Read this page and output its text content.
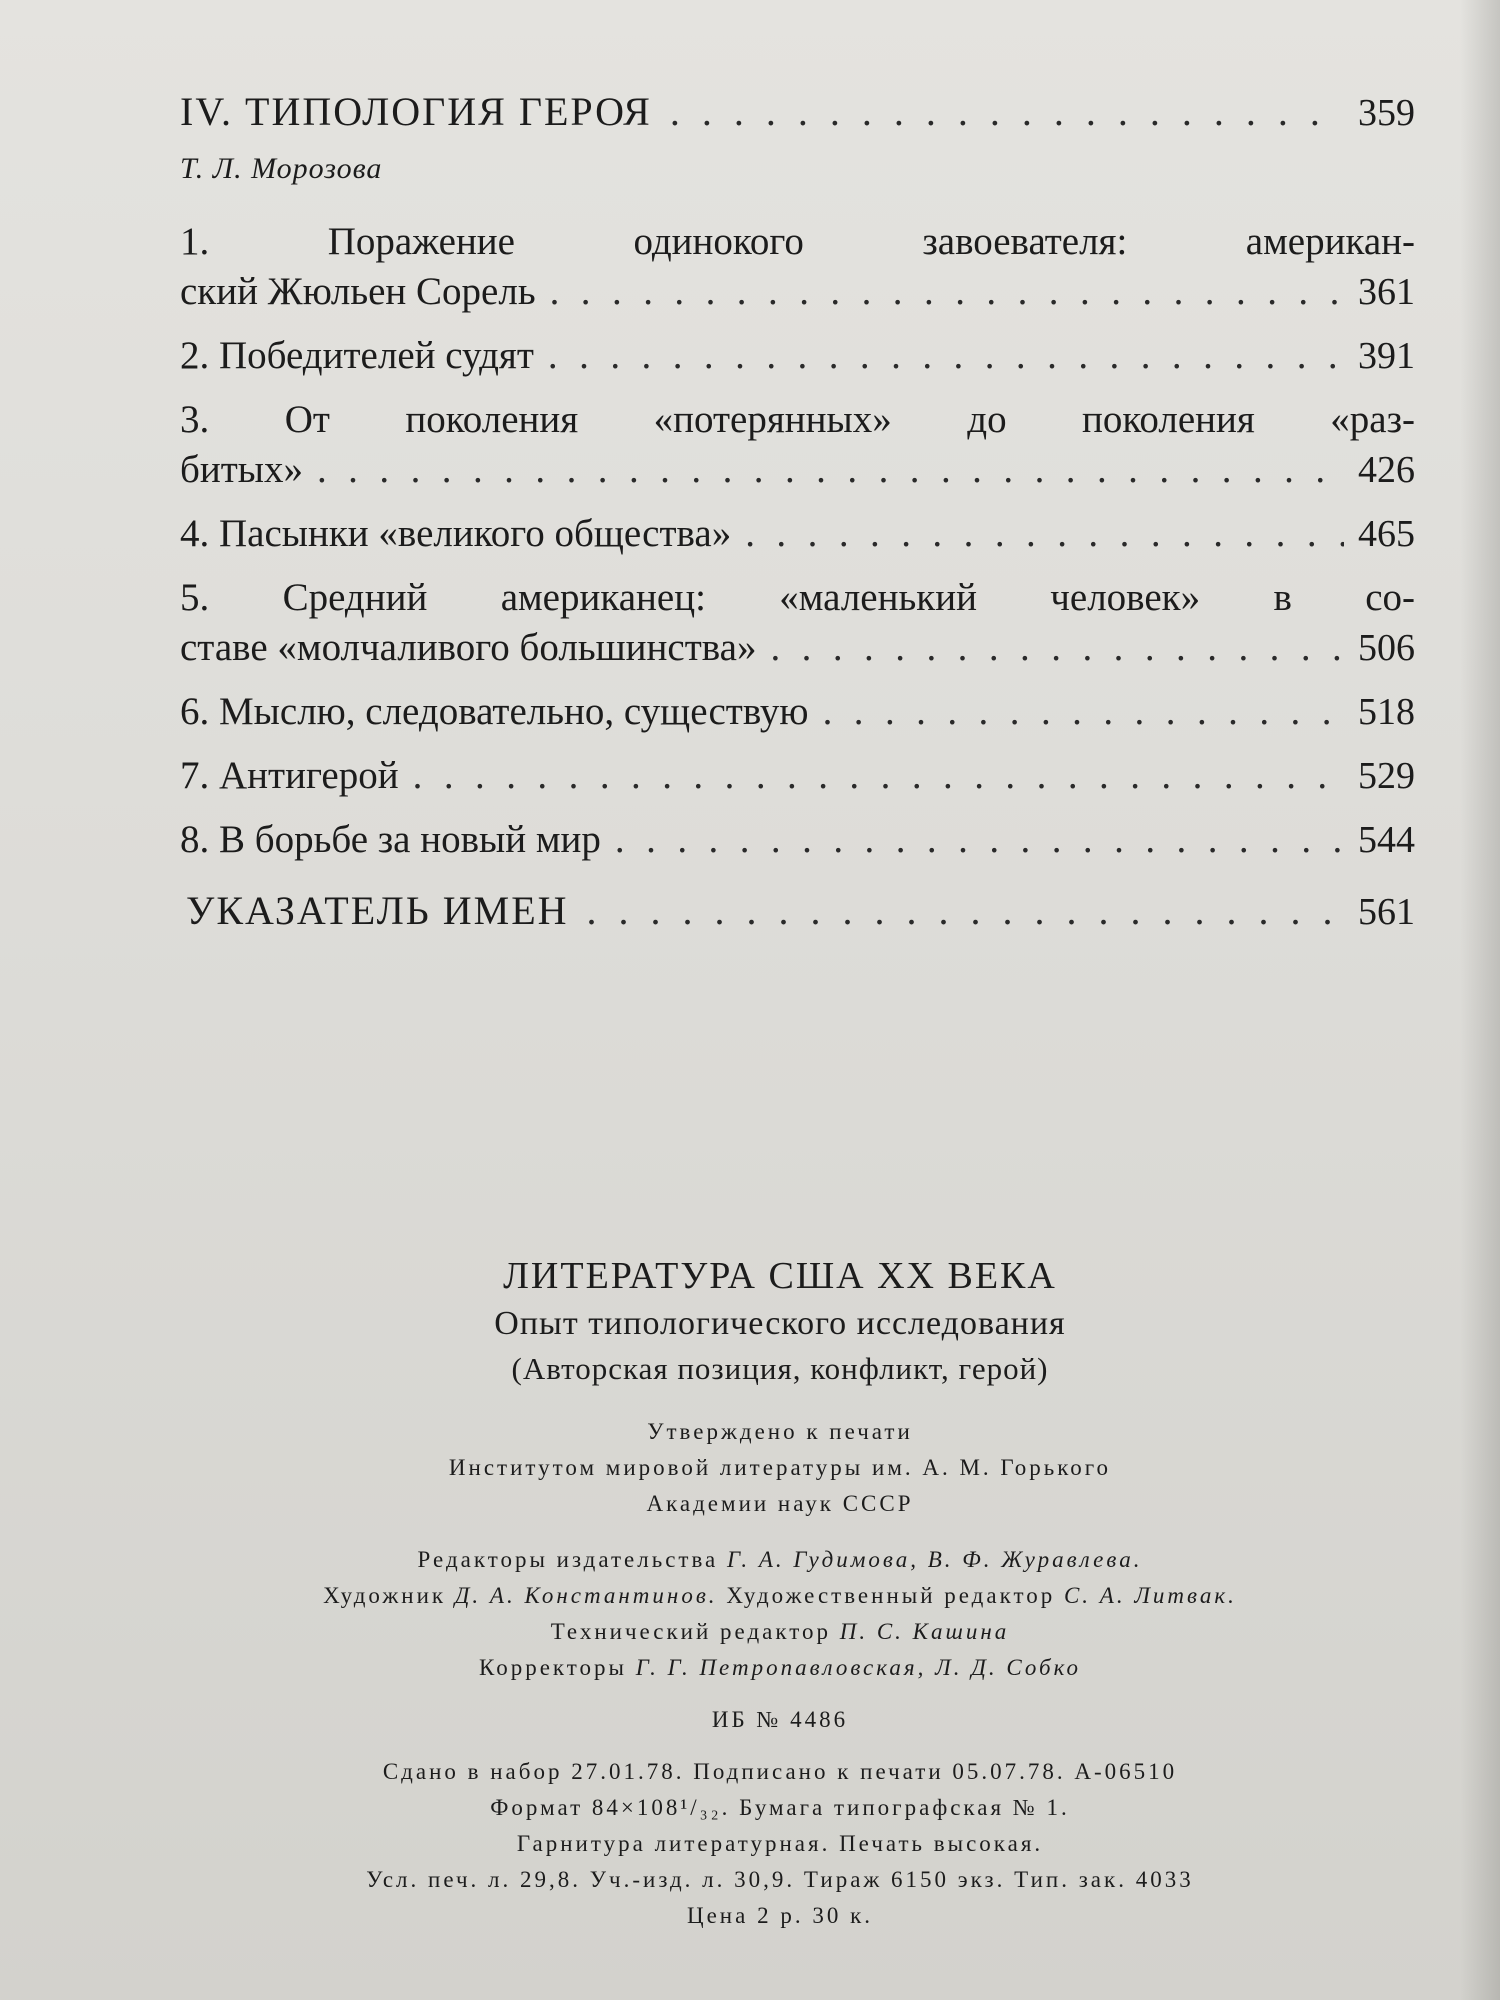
IV. ТИПОЛОГИЯ ГЕРОЯ .....	359
Т. Л. Морозова
1. Поражение одинокого завоевателя: американ-
ский Жюльен Сорель .....	361
2. Победителей судят .....	391
3. От поколения «потерянных» до поколения «раз-
битых» .....	426
4. Пасынки «великого общества» .....	465
5. Средний американец: «маленький человек» в со-
ставе «молчаливого большинства» .....	506
6. Мыслю, следовательно, существую .....	518
7. Антигерой .....	529
8. В борьбе за новый мир .....	544
УКАЗАТЕЛЬ ИМЕН .....	561
ЛИТЕРАТУРА США XX ВЕКА
Опыт типологического исследования
(Авторская позиция, конфликт, герой)
Утверждено к печати
Институтом мировой литературы им. А. М. Горького
Академии наук СССР
Редакторы издательства Г. А. Гудимова, В. Ф. Журавлева.
Художник Д. А. Константинов. Художественный редактор С. А. Литвак.
Технический редактор П. С. Кашина
Корректоры Г. Г. Петропавловская, Л. Д. Собко
ИБ № 4486
Сдано в набор 27.01.78. Подписано к печати 05.07.78. А-06510
Формат 84×108¹/₃₂. Бумага типографская № 1.
Гарнитура литературная. Печать высокая.
Усл. печ. л. 29,8. Уч.-изд. л. 30,9. Тираж 6150 экз. Тип. зак. 4033
Цена 2 р. 30 к.
